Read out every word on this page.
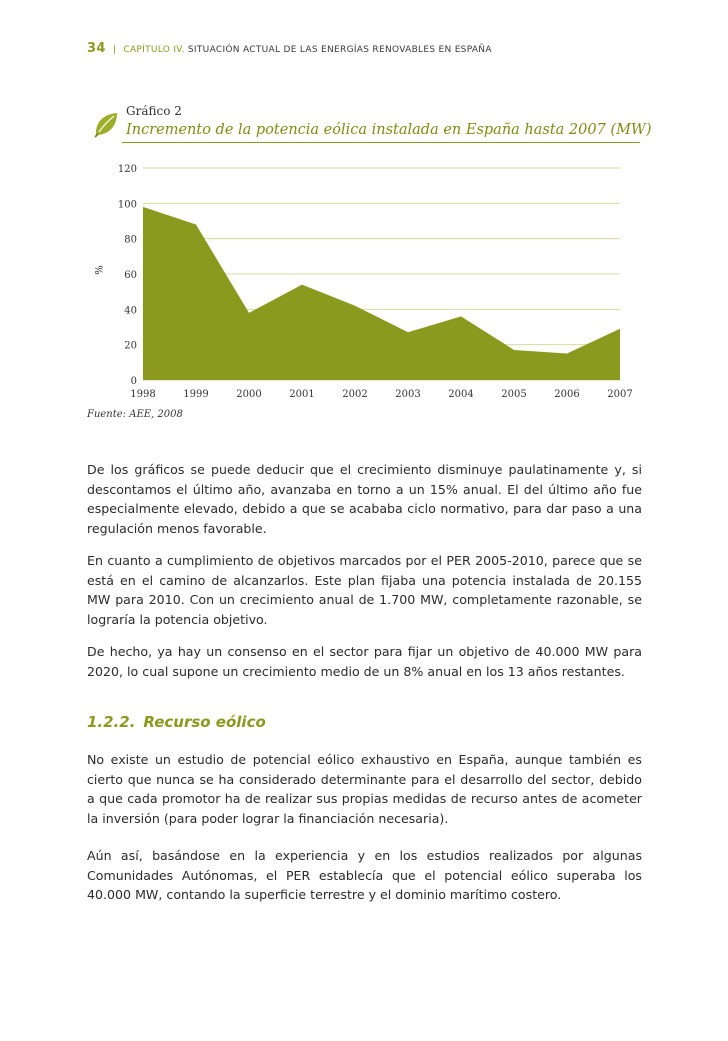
34 | CAPÍTULO IV. SITUACIÓN ACTUAL DE LAS ENERGÍAS RENOVABLES EN ESPAÑA
Gráfico 2
Incremento de la potencia eólica instalada en España hasta 2007 (MW)
0
20
40
60
80
100
120
1998	1999	2000	2001	2002	2003	2004	2005	2006	2007
%
Fuente: AEE, 2008

De los gráficos se puede deducir que el crecimiento disminuye paulatinamente y, si descontamos el último año, avanzaba en torno a un 15% anual. El del último año fue especialmente elevado, debido a que se acababa ciclo normativo, para dar paso a una regulación menos favorable.

En cuanto a cumplimiento de objetivos marcados por el PER 2005-2010, parece que se está en el camino de alcanzarlos. Este plan fijaba una potencia instalada de 20.155 MW para 2010. Con un crecimiento anual de 1.700 MW, completamente razonable, se lograría la potencia objetivo.

De hecho, ya hay un consenso en el sector para fijar un objetivo de 40.000 MW para 2020, lo cual supone un crecimiento medio de un 8% anual en los 13 años restantes.

1.2.2. Recurso eólico

No existe un estudio de potencial eólico exhaustivo en España, aunque también es cierto que nunca se ha considerado determinante para el desarrollo del sector, debido a que cada promotor ha de realizar sus propias medidas de recurso antes de acometer la inversión (para poder lograr la financiación necesaria).

Aún así, basándose en la experiencia y en los estudios realizados por algunas Comunidades Autónomas, el PER establecía que el potencial eólico superaba los 40.000 MW, contando la superficie terrestre y el dominio marítimo costero.
